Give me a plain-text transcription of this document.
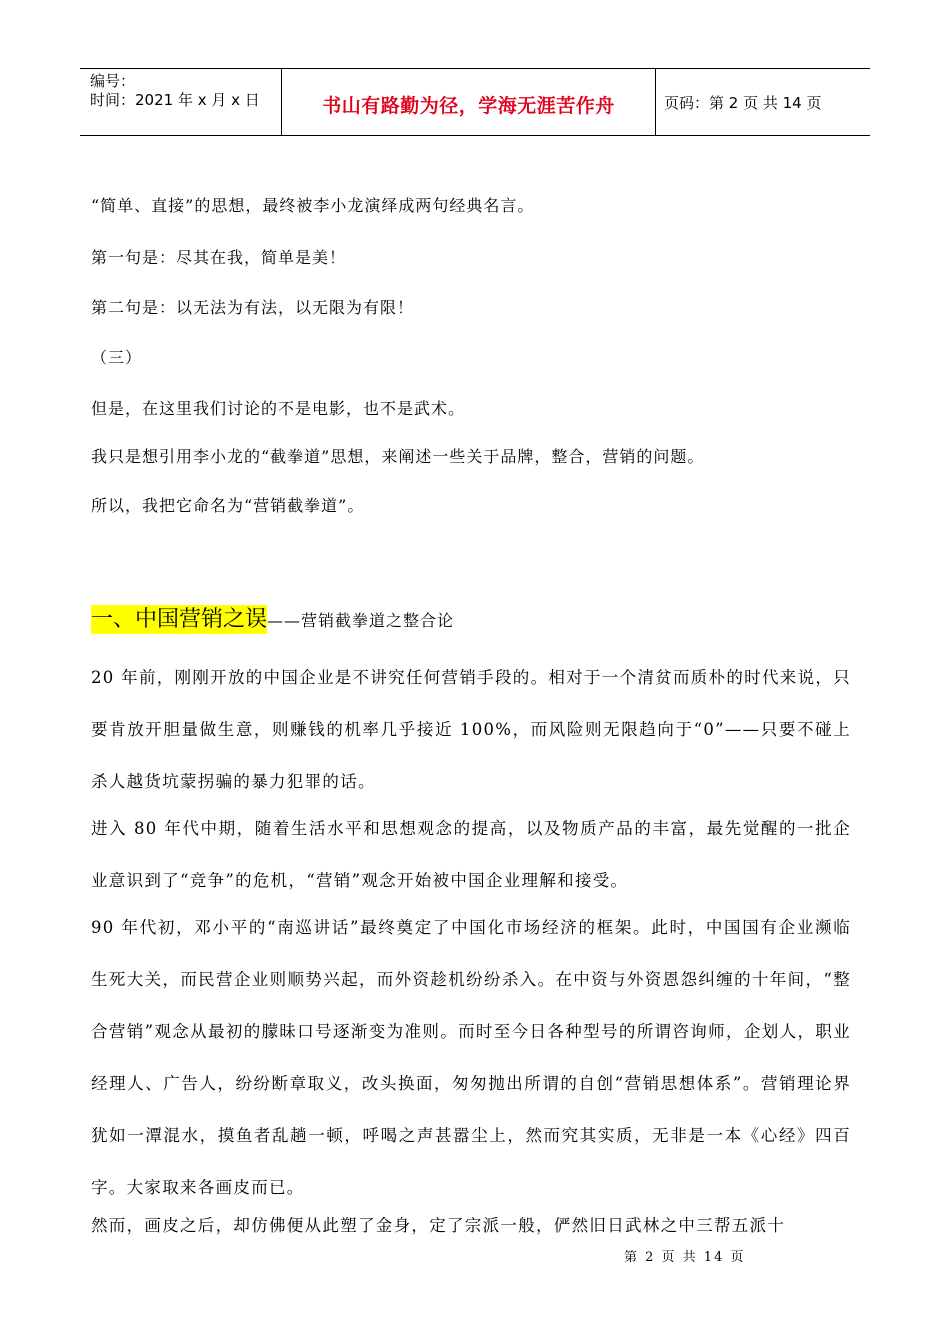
编号：
时间：2021 年 x 月 x 日	书山有路勤为径，学海无涯苦作舟	页码：第 2 页 共 14 页
“简单、直接”的思想，最终被李小龙演绎成两句经典名言。
第一句是：尽其在我，简单是美！
第二句是：以无法为有法，以无限为有限！
（三）
但是，在这里我们讨论的不是电影，也不是武术。
我只是想引用李小龙的“截拳道”思想，来阐述一些关于品牌，整合，营销的问题。
所以，我把它命名为“营销截拳道”。
一、中国营销之误——营销截拳道之整合论
20 年前，刚刚开放的中国企业是不讲究任何营销手段的。相对于一个清贫而质朴的时代来说，只要肯放开胆量做生意，则赚钱的机率几乎接近 100%，而风险则无限趋向于“0”——只要不碰上杀人越货坑蒙拐骗的暴力犯罪的话。
进入 80 年代中期，随着生活水平和思想观念的提高，以及物质产品的丰富，最先觉醒的一批企业意识到了“竞争”的危机，“营销”观念开始被中国企业理解和接受。
90 年代初，邓小平的“南巡讲话”最终奠定了中国化市场经济的框架。此时，中国国有企业濒临生死大关，而民营企业则顺势兴起，而外资趁机纷纷杀入。在中资与外资恩怨纠缠的十年间，“整合营销”观念从最初的朦昧口号逐渐变为准则。而时至今日各种型号的所谓咨询师，企划人，职业经理人、广告人，纷纷断章取义，改头换面，匆匆抛出所谓的自创“营销思想体系”。营销理论界犹如一潭混水，摸鱼者乱趟一顿，呼喝之声甚嚣尘上，然而究其实质，无非是一本《心经》四百字。大家取来各画皮而已。
然而，画皮之后，却仿佛便从此塑了金身，定了宗派一般，俨然旧日武林之中三帮五派十
第 2 页 共 14 页
